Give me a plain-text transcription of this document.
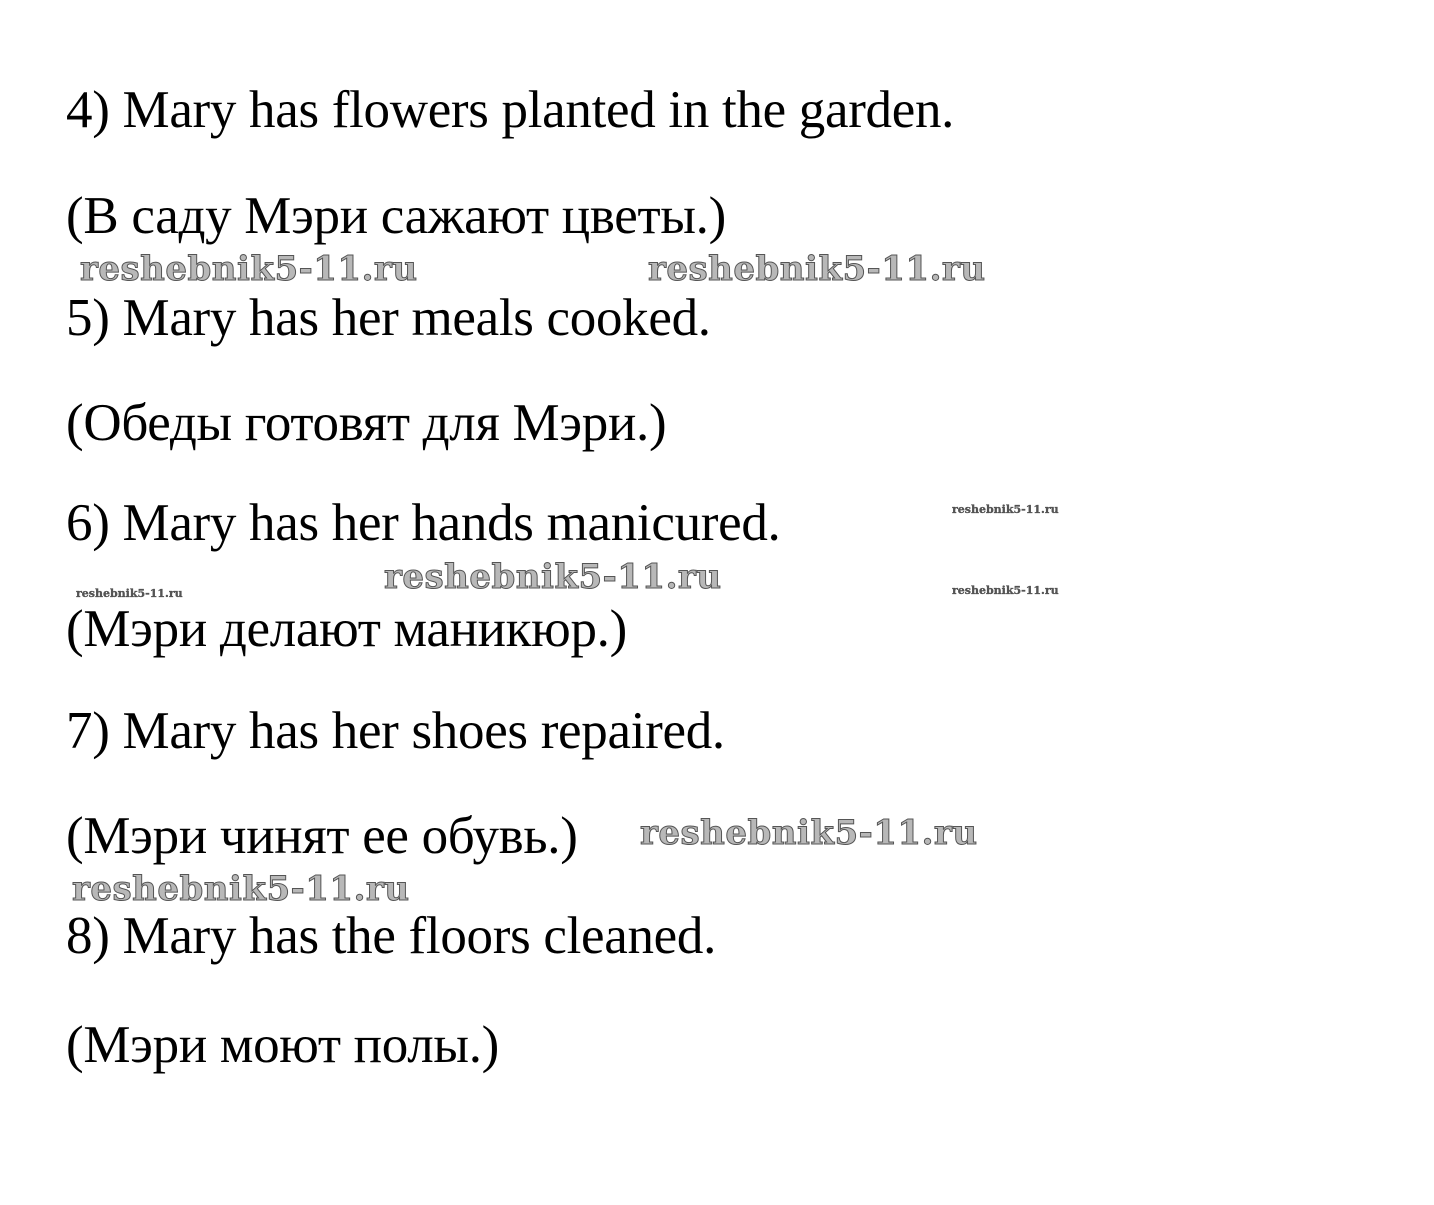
4) Mary has flowers planted in the garden.

(В саду Мэри сажают цветы.)

reshebnik5-11.ru	reshebnik5-11.ru

5) Mary has her meals cooked.

(Обеды готовят для Мэри.)

6) Mary has her hands manicured.	reshebnik5-11.ru
reshebnik5-11.ru
reshebnik5-11.ru	reshebnik5-11.ru

(Мэри делают маникюр.)

7) Mary has her shoes repaired.

(Мэри чинят ее обувь.) reshebnik5-11.ru
reshebnik5-11.ru

8) Mary has the floors cleaned.

(Мэри моют полы.)
